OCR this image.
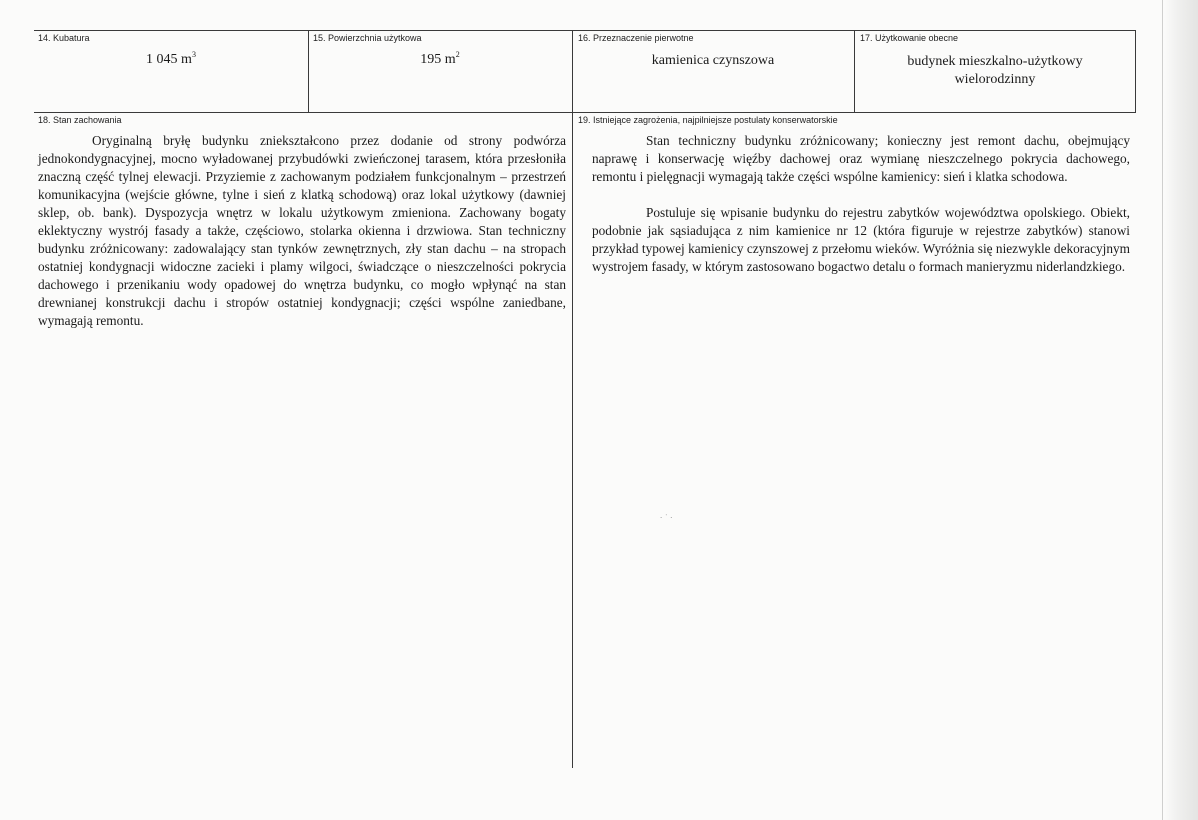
14. Kubatura
1 045 $m^3$
15. Powierzchnia użytkowa
195 $m^2$
16. Przeznaczenie pierwotne
kamienica czynszowa
17. Użytkowanie obecne
budynek mieszkalno-użytkowy
wielorodzinny
18. Stan zachowania

Oryginalną bryłę budynku zniekształcono przez dodanie od strony podwórza jednokondygnacyjnej, mocno wyładowanej przybudówki zwieńczonej tarasem, która przesłoniła znaczną część tylnej elewacji. Przyziemie z zachowanym podziałem funkcjonalnym – przestrzeń komunikacyjna (wejście główne, tylne i sień z klatką schodową) oraz lokal użytkowy (dawniej sklep, ob. bank). Dyspozycja wnętrz w lokalu użytkowym zmieniona. Zachowany bogaty eklektyczny wystrój fasady a także, częściowo, stolarka okienna i drzwiowa. Stan techniczny budynku zróżnicowany: zadowalający stan tynków zewnętrznych, zły stan dachu – na stropach ostatniej kondygnacji widoczne zacieki i plamy wilgoci, świadczące o nieszczelności pokrycia dachowego i przenikaniu wody opadowej do wnętrza budynku, co mogło wpłynąć na stan drewnianej konstrukcji dachu i stropów ostatniej kondygnacji; części wspólne zaniedbane, wymagają remontu.

19. Istniejące zagrożenia, najpilniejsze postulaty konserwatorskie

Stan techniczny budynku zróżnicowany; konieczny jest remont dachu, obejmujący naprawę i konserwację więźby dachowej oraz wymianę nieszczelnego pokrycia dachowego, remontu i pielęgnacji wymagają także części wspólne kamienicy: sień i klatka schodowa.

Postuluje się wpisanie budynku do rejestru zabytków województwa opolskiego. Obiekt, podobnie jak sąsiadująca z nim kamienice nr 12 (która figuruje w rejestrze zabytków) stanowi przykład typowej kamienicy czynszowej z przełomu wieków. Wyróżnia się niezwykle dekoracyjnym wystrojem fasady, w którym zastosowano bogactwo detalu o formach manieryzmu niderlandzkiego.

· ˙ ·
